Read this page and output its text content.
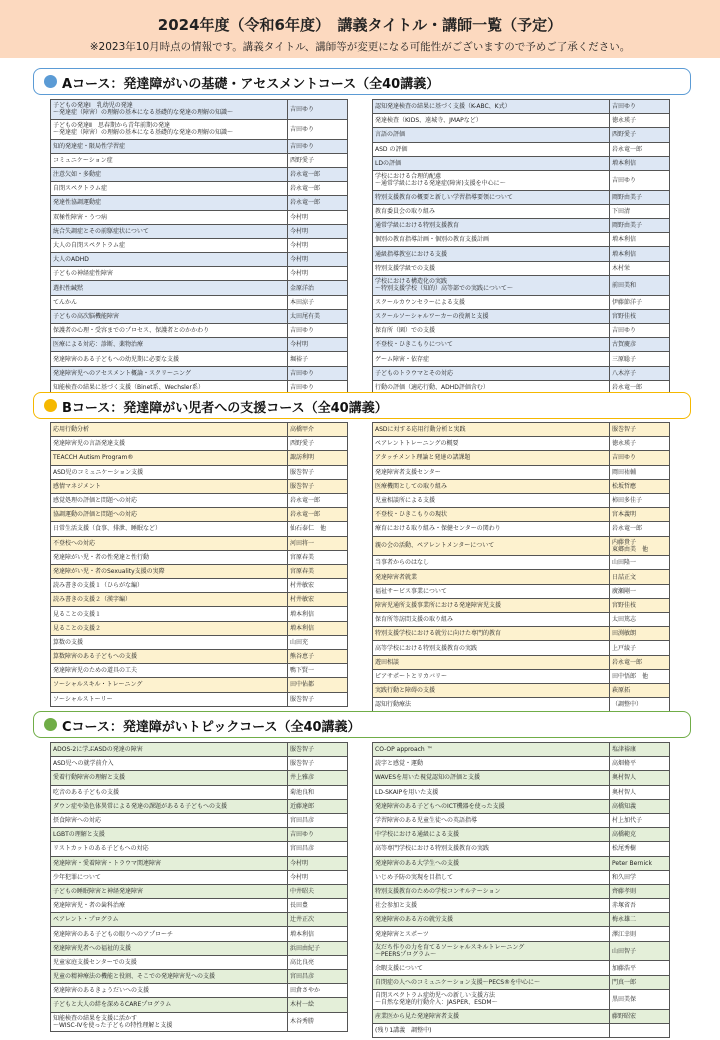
2024年度（令和6年度）　講義タイトル・講師一覧（予定）
※2023年10月時点の情報です。講義タイトル、講師等が変更になる可能性がございますので予めご了承ください。
Aコース：発達障がいの基礎・アセスメントコース（全40講義）
子どもの発達Ⅰ　乳幼児の発達
～発達症（障害）の理解の基本になる基礎的な発達の理解の知識～	吉田ゆり

子どもの発達Ⅱ　思春期から青年前期の発達
～発達症（障害）の理解の基本になる基礎的な発達の理解の知識～	吉田ゆり

知的発達症・限局性学習症	吉田ゆり

コミュニケーション症	西野愛子

注意欠如・多動症	岩永竜一郎

自閉スペクトラム症	岩永竜一郎

発達性協調運動症	岩永竜一郎

双極性障害・うつ病	今村明

統合失調症とその前駆症状について	今村明

大人の自閉スペクトラム症	今村明

大人のADHD	今村明

子どもの神経症性障害	今村明

選択性緘黙	金原洋治

てんかん	本田涼子

子どもの高次脳機能障害	太田尾有美

保護者の心理・受容までのプロセス、保護者とのかかわり	吉田ゆり

医療による対応：診断、薬物治療	今村明

発達障害のある子どもへの幼児期に必要な支援	堀裕子

発達障害児へのアセスメント概論・スクリーニング	吉田ゆり

知能検査の結果に基づく支援（Binet系、Wechsler系）	吉田ゆり
認知発達検査の結果に基づく支援（K-ABC、K式）	吉田ゆり

発達検査（KIDS、遠城寺、JMAPなど）	徳永瑛子

言語の評価	西野愛子

ASD の評価	岩永竜一郎

LDの評価	増本利信

学校における合理的配慮
～通常学級における発達症(障害)支援を中心に～	吉田ゆり

特別支援教育の概要と新しい学習指導要領について	岡野由美子

教育委員会の取り組み	下田清

通常学級における特別支援教育	岡野由美子

個別の教育指導計画・個別の教育支援計画	増本利信

通級指導教室における支援	増本利信

特別支援学級での支援	木村栄

学校における構造化の実践
～特別支援学校（知的）高等部での実践について～	前田美和

スクールカウンセラーによる支援	伊藤節洋子

スクールソーシャルワーカーの役割と支援	宮野佳枝

保育所（園）での支援	吉田ゆり

不登校・ひきこもりについて	古賀慶彦

ゲーム障害・依存症	三原聡子

子どものトラウマとその対応	八木淳子

行動の評価（適応行動、ADHD評価含む）	岩永竜一郎
Bコース：発達障がい児者への支援コース（全40講義）
応用行動分析	高橋甲介

発達障害児の言語発達支援	西野愛子

TEACCH Autism Program®	諏訪利明

ASD児のコミュニケーション支援	服巻智子

感情マネジメント	服巻智子

感覚処理の評価と問題への対応	岩永竜一郎

協調運動の評価と問題への対応	岩永竜一郎

日常生活支援（食事、排泄、睡眠など）	仙石泰仁　他

不登校への対応	河田将一

発達障がい児・者の性発達と性行動	宮原春美

発達障がい児・者のSexuality支援の実際	宮原春美

読み書きの支援１（ひらがな編）	村井敏宏

読み書きの支援２（漢字編）	村井敏宏

見ることの支援１	増本利信

見ることの支援２	増本利信

算数の支援	山田充

算数障害のある子どもへの支援	熊谷恵子

発達障害児のための道具の工夫	鴨下賢一

ソーシャルスキル・トレーニング	田中佑都

ソーシャルストーリー	服巻智子
ASDに対する応用行動分析と実践	服巻智子

ペアレントトレーニングの概要	徳永瑛子

アタッチメント理論と発達の諸課題	吉田ゆり

発達障害者支援センター	岡田祐輔

医療機関としての取り組み	松坂哲應

児童相談所による支援	柿田多佳子

不登校・ひきこもりの現状	宮本義明

療育における取り組み・保健センターの関わり	岩永竜一郎

親の会の活動、ペアレントメンターについて	内藤貴子
東郷由美　他

当事者からのはなし	山田隆一

発達障害者就業	日詰正文

福祉サービス事業について	廣瀬剛一

障害児通所支援事業所における発達障害児支援	宮野佳枝

保育所等訪問支援の取り組み	太田篤志

特別支援学校における就労に向けた専門的教育	田渕敏朗

高等学校における特別支援教育の実践	上戸綾子

遊田相談	岩永竜一郎

ピアサポートとリカバリー	田中悟郎　他

実践行動と障碍の支援	萩原拓

認知行動療法	（調整中）
Cコース：発達障がいトピックコース（全40講義）
ADOS-2に学ぶASDの発達の障害	服巻智子

ASD児への就学前介入	服巻智子

愛着行動障害の理解と支援	井上雅彦

吃音のある子どもの支援	菊池良和

ダウン症や染色体異常による発達の課題があるる子どもへの支援	近藤達郎

摂食障害への対応	宮田昌彦

LGBTの理解と支援	吉田ゆり

リストカットのある子どもへの対応	宮田昌彦

発達障害・愛着障害・トラウマ関連障害	今村明

少年犯罪について	今村明

子どもの睡眠障害と神経発達障害	中井昭夫

発達障害児・者の歯科治療	長田豊

ペアレント・プログラム	辻井正次

発達障害のある子どもの眼りへのアプローチ	増本利信

発達障害児者への福祉的支援	浜田由紀子

児童家庭支援センターでの支援	高比良亮

児童の精神療法の機能と役割、そこでの発達障害児への支援	宮田昌彦

発達障害のあるきょうだいへの支援	田倉さやか

子どもと大人の絆を深めるCAREプログラム	木村一絵

知能検査の結果を支援に活かす
～WISC-Ⅳを使った子どもの特性理解と支援	木谷秀勝
CO-OP approach ™	塩津裕康

読字と感覚・運動	高畑脩平

WAVESを用いた視覚認知の評価と支援	奥村智人

LD-SKAIPを用いた支援	奥村智人

発達障害のある子どもへのICT機器を使った支援	高橋知義

学習障害のある児童生徒への英語指導	村上加代子

中学校における通級による支援	高橋範克

高等専門学校における特別支援教育の実践	松尾秀樹

発達障害のある大学生への支援	Peter Bernick

いじめ予防の実現を目指して	和久田学

特別支援教育のための学校コンサルテーション	齊藤孝則

社会参加と支援	赤塚省吾

発達障害のある方の就労支援	梅永雄二

発達障害とスポーツ	澤江幸則

友だち作りの力を育てるソーシャルスキルトレーニング
～PEERSプログラム～	山田智子

余暇支援について	加藤浩平

自閉症の人へのコミュニケーション支援～PECS®を中心に～	門真一郎

自閉スペクトラム症幼児への新しい支援方法
～自然な発達的行動介入：JASPER、ESDM～	黒田美保

産業医から見た発達障害者支援	藤野昭宏

(残り1講義　調整中)	
